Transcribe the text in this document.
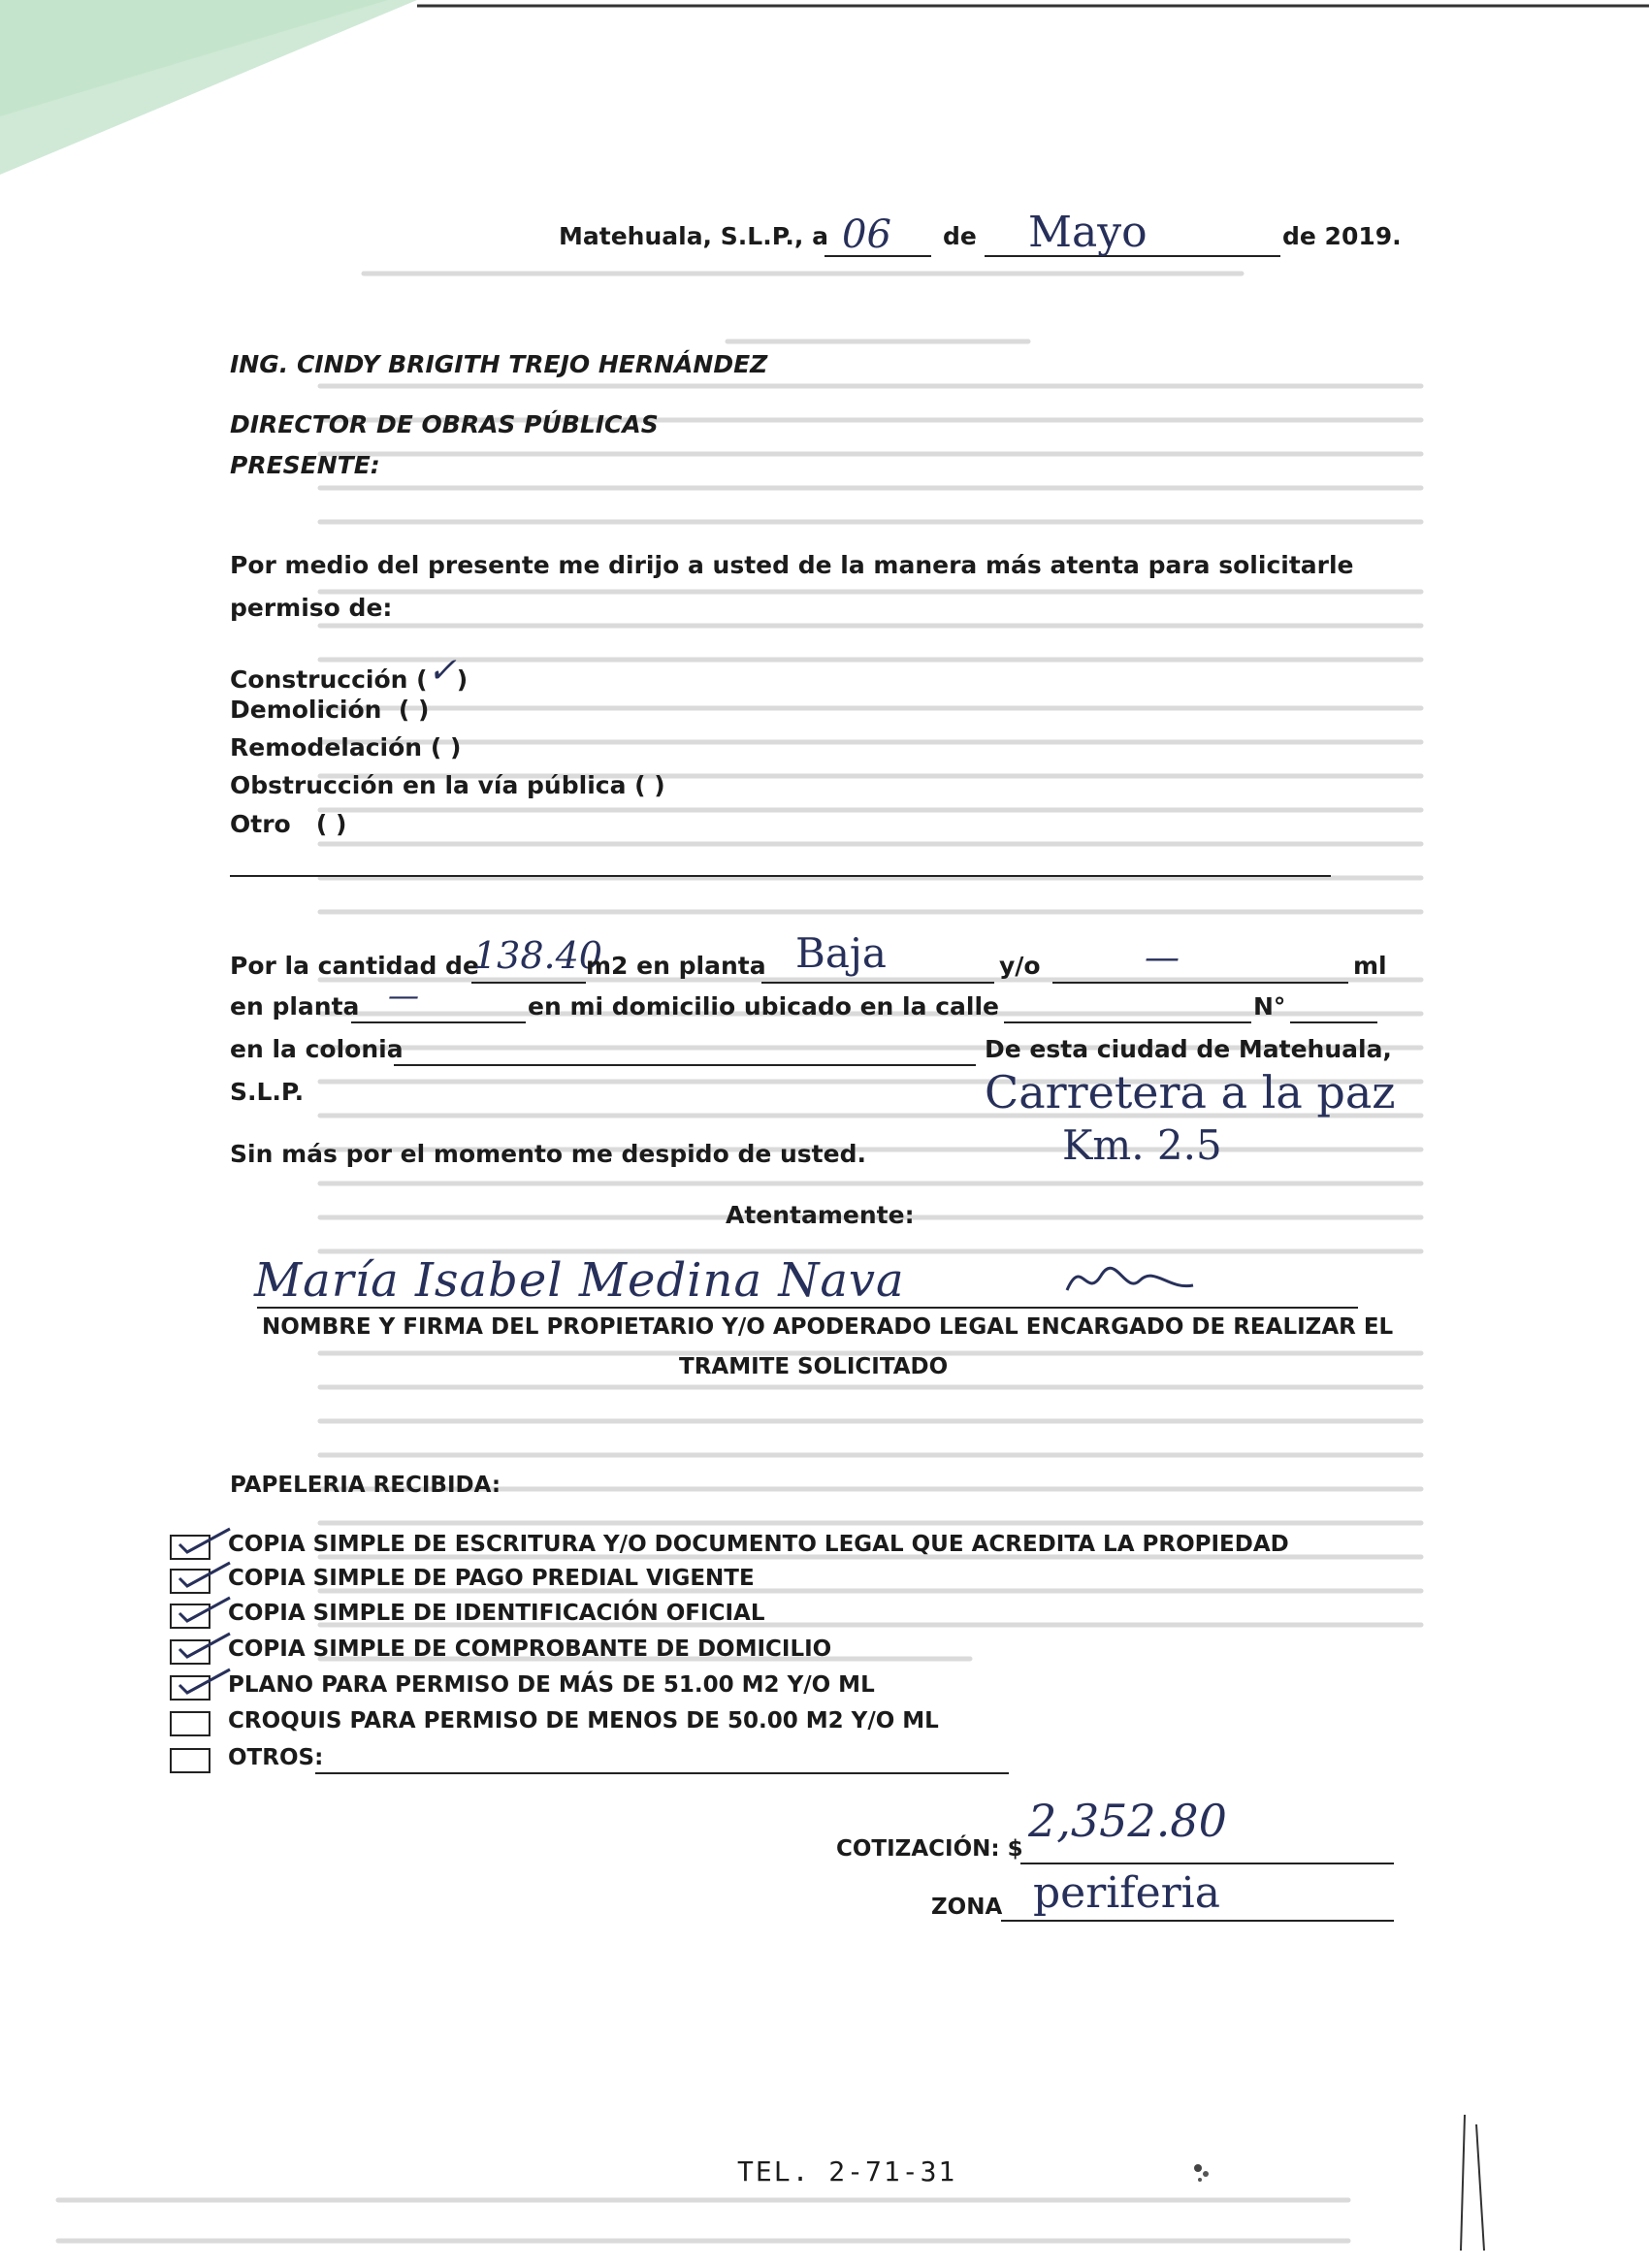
Matehuala, S.L.P., a 06 de Mayo	de 2019.
ING. CINDY BRIGITH TREJO HERNÁNDEZ
DIRECTOR DE OBRAS PÚBLICAS
PRESENTE:
Por medio del presente me dirijo a usted de la manera más atenta para solicitarle
permiso de:
Construcción (✓)
Demolición ( )
Remodelación ( )
Obstrucción en la vía pública ( )
Otro ( )
Por la cantidad de
138.40
m2 en planta Baja	y/o	—	ml
en planta —	en mi domicilio ubicado en la calle	N°
en la colonia	De esta ciudad de Matehuala,
S.L.P.	Carretera a la paz
Km. 2.5
Sin más por el momento me despido de usted.
Atentamente:
María Isabel Medina Nava
NOMBRE Y FIRMA DEL PROPIETARIO Y/O APODERADO LEGAL ENCARGADO DE REALIZAR EL
TRAMITE SOLICITADO
PAPELERIA RECIBIDA:
COPIA SIMPLE DE ESCRITURA Y/O DOCUMENTO LEGAL QUE ACREDITA LA PROPIEDAD
COPIA SIMPLE DE PAGO PREDIAL VIGENTE
COPIA SIMPLE DE IDENTIFICACIÓN OFICIAL
COPIA SIMPLE DE COMPROBANTE DE DOMICILIO
PLANO PARA PERMISO DE MÁS DE 51.00 M2 Y/O ML
CROQUIS PARA PERMISO DE MENOS DE 50.00 M2 Y/O ML
OTROS:
COTIZACIÓN: $
2,352.80
ZONA periferia
TEL. 2-71-31
